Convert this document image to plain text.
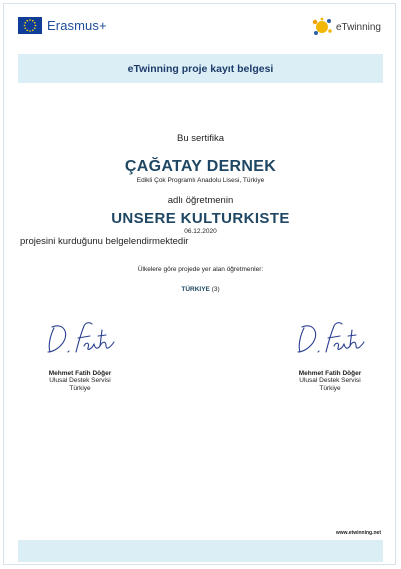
Erasmus+	eTwinning
eTwinning proje kayıt belgesi
Bu sertifika
ÇAĞATAY DERNEK
Edikli Çok Programlı Anadolu Lisesi, Türkiye
adlı öğretmenin
UNSERE KULTURKISTE
06.12.2020
projesini kurduğunu belgelendirmektedir
Ülkelere göre projede yer alan öğretmenler:
TÜRKIYE (3)
Mehmet Fatih Döğer
Ulusal Destek Servisi
Türkiye
Mehmet Fatih Döğer
Ulusal Destek Servisi
Türkiye
www.etwinning.net
